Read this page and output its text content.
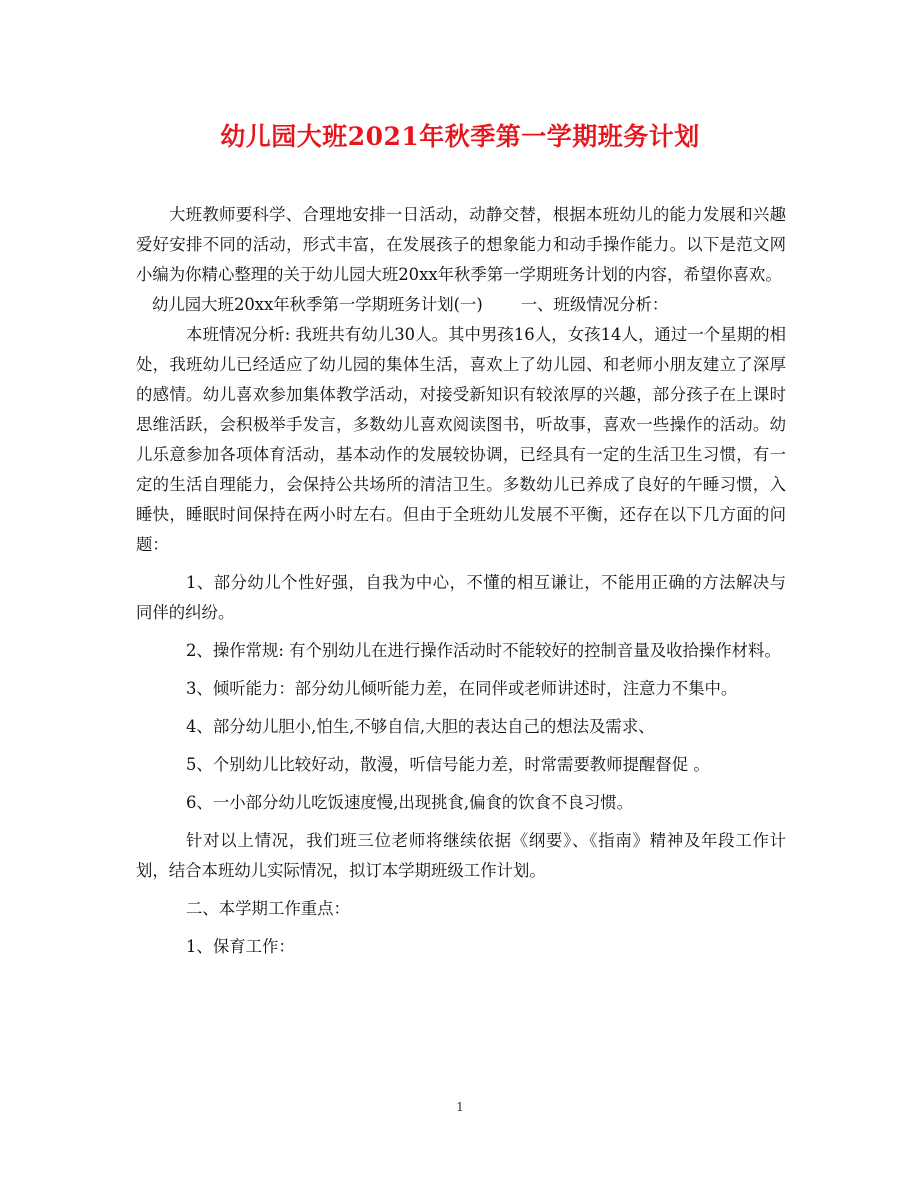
幼儿园大班2021年秋季第一学期班务计划

大班教师要科学、合理地安排一日活动，动静交替，根据本班幼儿的能力发展和兴趣爱好安排不同的活动，形式丰富，在发展孩子的想象能力和动手操作能力。以下是范文网小编为你精心整理的关于幼儿园大班20xx年秋季第一学期班务计划的内容，希望你喜欢。

幼儿园大班20xx年秋季第一学期班务计划(一)　　 一、班级情况分析：

本班情况分析: 我班共有幼儿30人。其中男孩16人，女孩14人，通过一个星期的相处，我班幼儿已经适应了幼儿园的集体生活，喜欢上了幼儿园、和老师小朋友建立了深厚的感情。幼儿喜欢参加集体教学活动，对接受新知识有较浓厚的兴趣，部分孩子在上课时思维活跃，会积极举手发言，多数幼儿喜欢阅读图书，听故事，喜欢一些操作的活动。幼儿乐意参加各项体育活动，基本动作的发展较协调，已经具有一定的生活卫生习惯，有一定的生活自理能力，会保持公共场所的清洁卫生。多数幼儿已养成了良好的午睡习惯，入睡快，睡眠时间保持在两小时左右。但由于全班幼儿发展不平衡，还存在以下几方面的问题：

1、部分幼儿个性好强，自我为中心，不懂的相互谦让，不能用正确的方法解决与同伴的纠纷。

2、操作常规: 有个别幼儿在进行操作活动时不能较好的控制音量及收拾操作材料。

3、倾听能力：部分幼儿倾听能力差，在同伴或老师讲述时，注意力不集中。

4、部分幼儿胆小,怕生,不够自信,大胆的表达自己的想法及需求、

5、个别幼儿比较好动，散漫，听信号能力差，时常需要教师提醒督促 。

6、一小部分幼儿吃饭速度慢,出现挑食,偏食的饮食不良习惯。

针对以上情况，我们班三位老师将继续依据《纲要》、《指南》精神及年段工作计划，结合本班幼儿实际情况，拟订本学期班级工作计划。

二、本学期工作重点：

1、保育工作：

1
